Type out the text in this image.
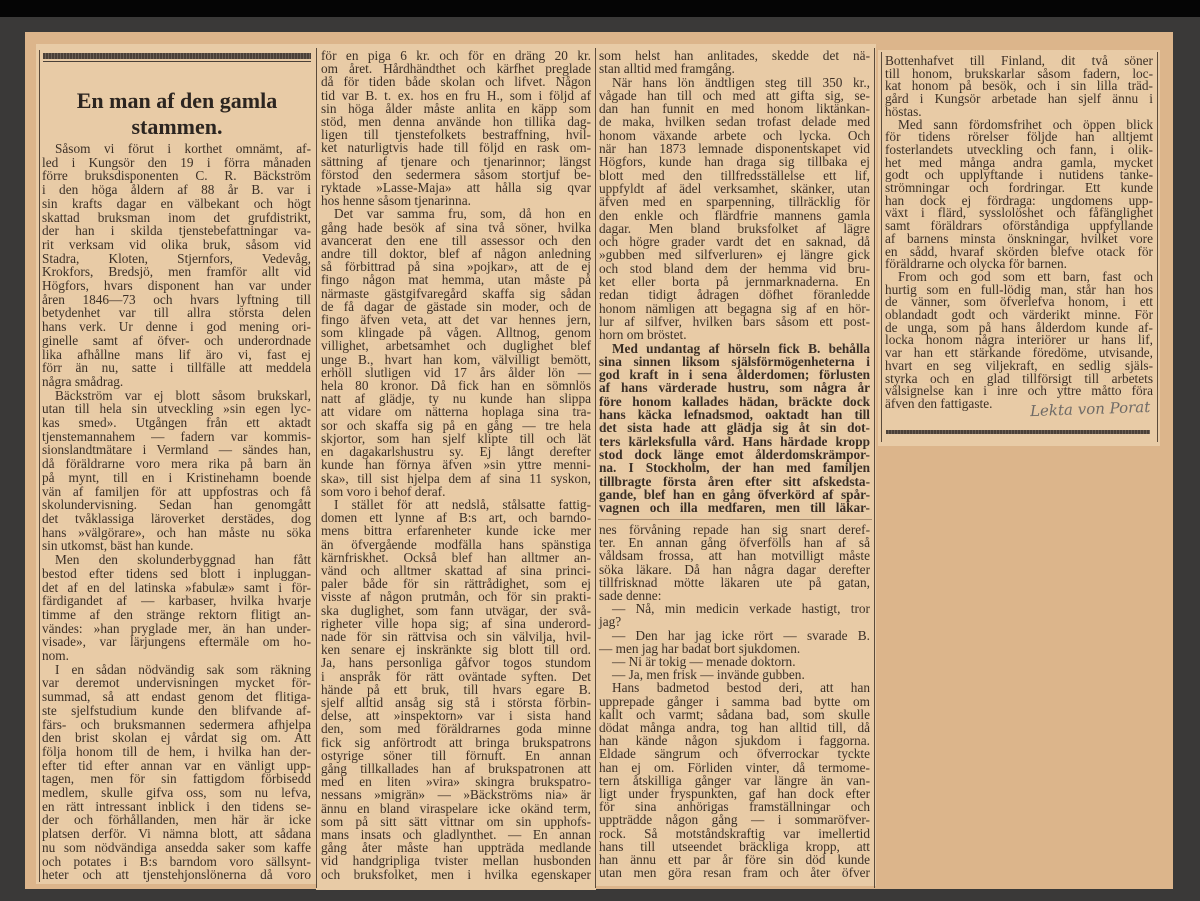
En man af den gamla
stammen.
Såsom vi förut i korthet omnämt, af-
led i Kungsör den 19 i förra månaden
förre bruksdisponenten C. R. Bäckström
i den höga åldern af 88 år B. var i
sin krafts dagar en välbekant och högt
skattad bruksman inom det grufdistrikt,
der han i skilda tjenstebefattningar va-
rit verksam vid olika bruk, såsom vid
Stadra, Kloten, Stjernfors, Vedevåg,
Krokfors, Bredsjö, men framför allt vid
Högfors, hvars disponent han var under
åren 1846—73 och hvars lyftning till
betydenhet var till allra största delen
hans verk. Ur denne i god mening ori-
ginelle samt af öfver- och underordnade
lika afhållne mans lif äro vi, fast ej
förr än nu, satte i tillfälle att meddela
några smådrag.
Bäckström var ej blott såsom brukskarl,
utan till hela sin utveckling »sin egen lyc-
kas smed». Utgången från ett aktadt
tjenstemannahem — fadern var kommis-
sionslandtmätare i Vermland — sändes han,
då föräldrarne voro mera rika på barn än
på mynt, till en i Kristinehamn boende
vän af familjen för att uppfostras och få
skolundervisning. Sedan han genomgått
det tvåklassiga läroverket derstädes, dog
hans »välgörare», och han måste nu söka
sin utkomst, bäst han kunde.
Men den skolunderbyggnad han fått
bestod efter tidens sed blott i inpluggan-
det af en del latinska »fabulæ» samt i för-
färdigandet af — karbaser, hvilka hvarje
timme af den stränge rektorn flitigt an-
vändes: »han pryglade mer, än han under-
visade», var lärjungens eftermäle om ho-
nom.
I en sådan nödvändig sak som räkning
var deremot undervisningen mycket för-
summad, så att endast genom det flitiga-
ste sjelfstudium kunde den blifvande af-
färs- och bruksmannen sedermera afhjelpa
den brist skolan ej vårdat sig om. Att
följa honom till de hem, i hvilka han der-
efter tid efter annan var en vänligt upp-
tagen, men för sin fattigdom förbisedd
medlem, skulle gifva oss, som nu lefva,
en rätt intressant inblick i den tidens se-
der och förhållanden, men här är icke
platsen derför. Vi nämna blott, att sådana
nu som nödvändiga ansedda saker som kaffe
och potates i B:s barndom voro sällsynt-
heter och att tjenstehjonslönerna då voro
för en piga 6 kr. och för en dräng 20 kr.
om året. Hårdhändthet och kärfhet preglade
då för tiden både skolan och lifvet. Någon
tid var B. t. ex. hos en fru H., som i följd af
sin höga ålder måste anlita en käpp som
stöd, men denna använde hon tillika dag-
ligen till tjenstefolkets bestraffning, hvil-
ket naturligtvis hade till följd en rask om-
sättning af tjenare och tjenarinnor; längst
förstod den sedermera såsom stortjuf be-
ryktade »Lasse-Maja» att hålla sig qvar
hos henne såsom tjenarinna.
Det var samma fru, som, då hon en
gång hade besök af sina två söner, hvilka
avancerat den ene till assessor och den
andre till doktor, blef af någon anledning
så förbittrad på sina »pojkar», att de ej
fingo någon mat hemma, utan måste på
närmaste gästgifvaregård skaffa sig sådan
de få dagar de gästade sin moder, och de
fingo äfven veta, att det var hennes jern,
som klingade på vågen. Alltnog, genom
villighet, arbetsamhet och duglighet blef
unge B., hvart han kom, välvilligt bemött,
erhöll slutligen vid 17 års ålder lön —
hela 80 kronor. Då fick han en sömnlös
natt af glädje, ty nu kunde han slippa
att vidare om nätterna hoplaga sina tra-
sor och skaffa sig på en gång — tre hela
skjortor, som han sjelf klipte till och lät
en dagakarlshustru sy. Ej långt derefter
kunde han förnya äfven »sin yttre menni-
ska», till sist hjelpa dem af sina 11 syskon,
som voro i behof deraf.
I stället för att nedslå, stålsatte fattig-
domen ett lynne af B:s art, och barndo-
mens bittra erfarenheter kunde icke mer
än öfvergående modfälla hans spänstiga
kärnfriskhet. Också blef han alltmer an-
vänd och alltmer skattad af sina princi-
paler både för sin rättrådighet, som ej
visste af någon prutmån, och för sin prakti-
ska duglighet, som fann utvägar, der svå-
righeter ville hopa sig; af sina underord-
nade för sin rättvisa och sin välvilja, hvil-
ken senare ej inskränkte sig blott till ord.
Ja, hans personliga gåfvor togos stundom
i anspråk för rätt oväntade syften. Det
hände på ett bruk, till hvars egare B.
sjelf alltid ansåg sig stå i största förbin-
delse, att »inspektorn» var i sista hand
den, som med föräldrarnes goda minne
fick sig anförtrodt att bringa brukspatrons
ostyrige söner till förnuft. En annan
gång tillkallades han af brukspatronen att
med en liten »vira» skingra brukspatro-
nessans »migrän» — »Bäckströms nia» är
ännu en bland viraspelare icke okänd term,
som på sitt sätt vittnar om sin upphofs-
mans insats och gladlynthet. — En annan
gång åter måste han uppträda medlande
vid handgripliga tvister mellan husbonden
och bruksfolket, men i hvilka egenskaper
som helst han anlitades, skedde det nä-
stan alltid med framgång.
När hans lön ändtligen steg till 350 kr.,
vågade han till och med att gifta sig, se-
dan han funnit en med honom liktänkan-
de maka, hvilken sedan trofast delade med
honom växande arbete och lycka. Och
när han 1873 lemnade disponentskapet vid
Högfors, kunde han draga sig tillbaka ej
blott med den tillfredsställelse ett lif,
uppfyldt af ädel verksamhet, skänker, utan
äfven med en sparpenning, tillräcklig för
den enkle och flärdfrie mannens gamla
dagar. Men bland bruksfolket af lägre
och högre grader vardt det en saknad, då
»gubben med silfverluren» ej längre gick
och stod bland dem der hemma vid bru-
ket eller borta på jernmarknaderna. En
redan tidigt ådragen döfhet föranledde
honom nämligen att begagna sig af en hör-
lur af silfver, hvilken bars såsom ett post-
horn om bröstet.
Med undantag af hörseln fick B. behålla
sina sinnen liksom själsförmögenheterna i
god kraft in i sena ålderdomen; förlusten
af hans värderade hustru, som några år
före honom kallades hädan, bräckte dock
hans käcka lefnadsmod, oaktadt han till
det sista hade att glädja sig åt sin dot-
ters kärleksfulla vård. Hans härdade kropp
stod dock länge emot ålderdomskrämpor-
na. I Stockholm, der han med familjen
tillbragte första åren efter sitt afskedsta-
gande, blef han en gång öfverkörd af spår-
vagnen och illa medfaren, men till läkar-
nes förvåning repade han sig snart deref-
ter. En annan gång öfverfölls han af så
våldsam frossa, att han motvilligt måste
söka läkare. Då han några dagar derefter
tillfrisknad mötte läkaren ute på gatan,
sade denne:
— Nå, min medicin verkade hastigt, tror
jag?
— Den har jag icke rört — svarade B.
— men jag har badat bort sjukdomen.
— Ni är tokig — menade doktorn.
— Ja, men frisk — invände gubben.
Hans badmetod bestod deri, att han
upprepade gånger i samma bad bytte om
kallt och varmt; sådana bad, som skulle
dödat många andra, tog han alltid till, då
han kände någon sjukdom i faggorna.
Eldade sängrum och öfverrockar tyckte
han ej om. Förliden vinter, då termome-
tern åtskilliga gånger var längre än van-
ligt under fryspunkten, gaf han dock efter
för sina anhörigas framställningar och
uppträdde någon gång — i sommaröfver-
rock. Så motståndskraftig var imellertid
hans till utseendet bräckliga kropp, att
han ännu ett par år före sin död kunde
utan men göra resan fram och åter öfver
Bottenhafvet till Finland, dit två söner
till honom, brukskarlar såsom fadern, loc-
kat honom på besök, och i sin lilla träd-
gård i Kungsör arbetade han sjelf ännu i
höstas.
Med sann fördomsfrihet och öppen blick
för tidens rörelser följde han alltjemt
fosterlandets utveckling och fann, i olik-
het med många andra gamla, mycket
godt och upplyftande i nutidens tanke-
strömningar och fordringar. Ett kunde
han dock ej fördraga: ungdomens upp-
växt i flärd, sysslolöshet och fåfänglighet
samt föräldrars oförståndiga uppfyllande
af barnens minsta önskningar, hvilket vore
en sådd, hvaraf skörden blefve otack för
föräldrarne och olycka för barnen.
From och god som ett barn, fast och
hurtig som en full-lödig man, står han hos
de vänner, som öfverlefva honom, i ett
oblandadt godt och värderikt minne. För
de unga, som på hans ålderdom kunde af-
locka honom några interiörer ur hans lif,
var han ett stärkande föredöme, utvisande,
hvart en seg viljekraft, en sedlig själs-
styrka och en glad tillförsigt till arbetets
välsignelse kan i inre och yttre måtto föra
äfven den fattigaste. Lekta von Porat
